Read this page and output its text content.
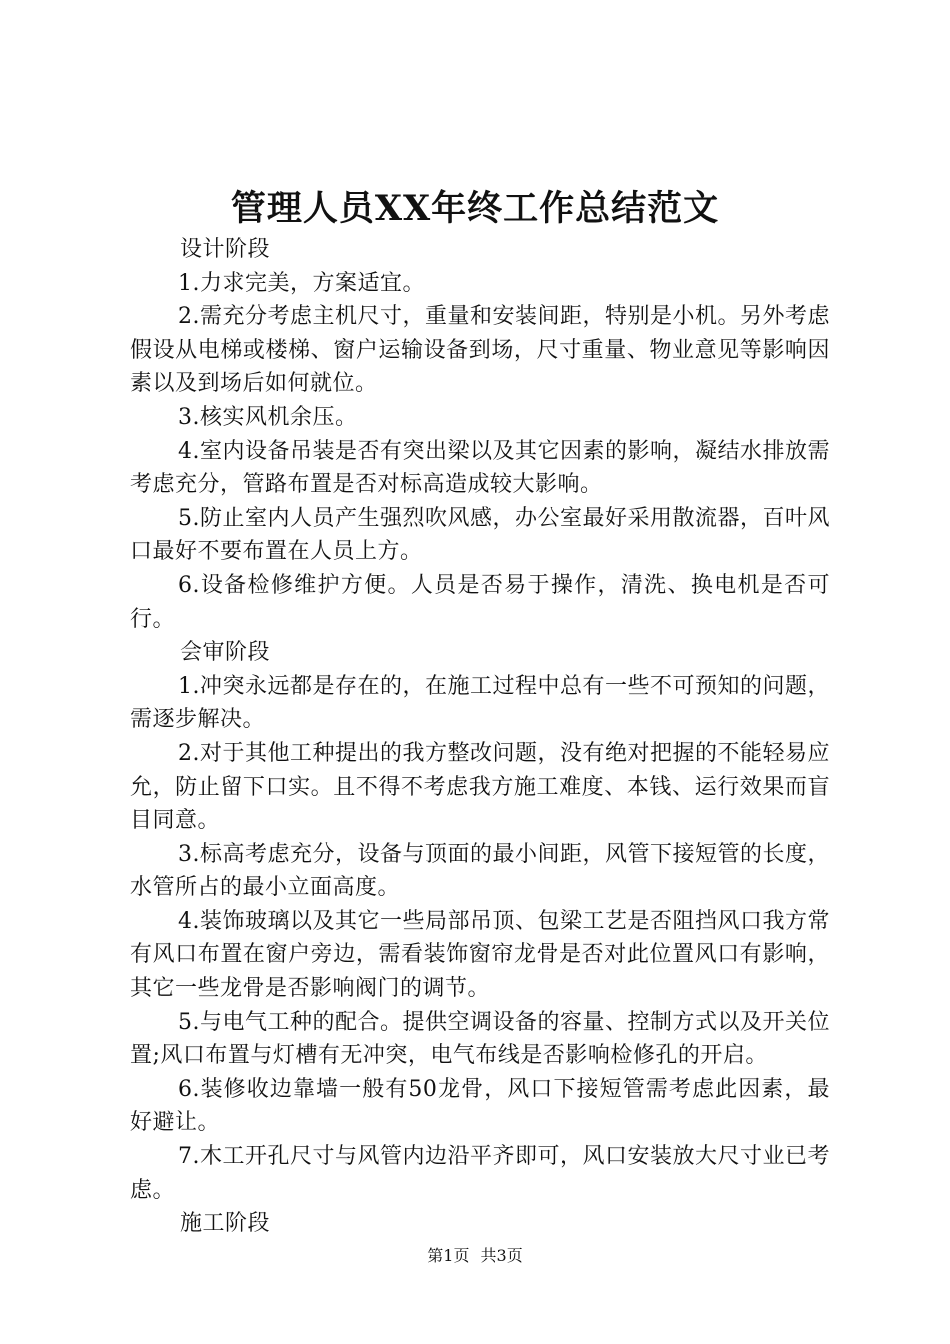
管理人员XX年终工作总结范文

设计阶段

1.力求完美，方案适宜。

2.需充分考虑主机尺寸，重量和安装间距，特别是小机。另外考虑假设从电梯或楼梯、窗户运输设备到场，尺寸重量、物业意见等影响因素以及到场后如何就位。

3.核实风机余压。

4.室内设备吊装是否有突出梁以及其它因素的影响，凝结水排放需考虑充分，管路布置是否对标高造成较大影响。

5.防止室内人员产生强烈吹风感，办公室最好采用散流器，百叶风口最好不要布置在人员上方。

6.设备检修维护方便。人员是否易于操作，清洗、换电机是否可行。

会审阶段

1.冲突永远都是存在的，在施工过程中总有一些不可预知的问题，需逐步解决。

2.对于其他工种提出的我方整改问题，没有绝对把握的不能轻易应允，防止留下口实。且不得不考虑我方施工难度、本钱、运行效果而盲目同意。

3.标高考虑充分，设备与顶面的最小间距，风管下接短管的长度，水管所占的最小立面高度。

4.装饰玻璃以及其它一些局部吊顶、包梁工艺是否阻挡风口我方常有风口布置在窗户旁边，需看装饰窗帘龙骨是否对此位置风口有影响，其它一些龙骨是否影响阀门的调节。

5.与电气工种的配合。提供空调设备的容量、控制方式以及开关位置;风口布置与灯槽有无冲突，电气布线是否影响检修孔的开启。

6.装修收边靠墙一般有50龙骨，风口下接短管需考虑此因素，最好避让。

7.木工开孔尺寸与风管内边沿平齐即可，风口安装放大尺寸业已考虑。

施工阶段

第1页 共3页
